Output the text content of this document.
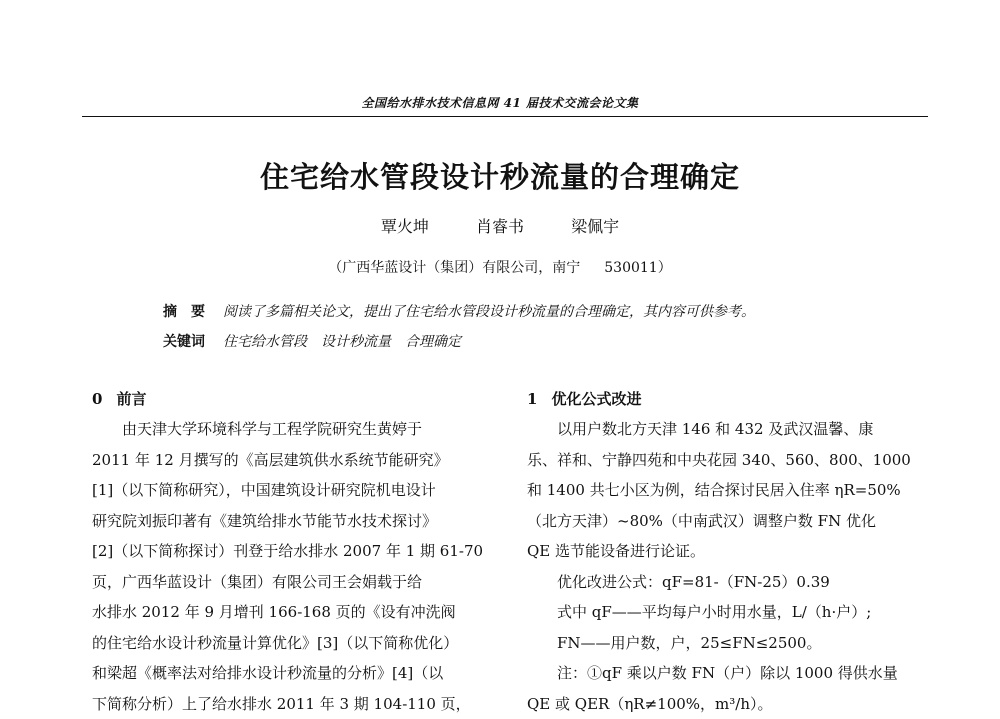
全国给水排水技术信息网 41 届技术交流会论文集
住宅给水管段设计秒流量的合理确定
覃火坤	肖睿书	梁佩宇
（广西华蓝设计（集团）有限公司，南宁 530011）
摘　要 阅读了多篇相关论文，提出了住宅给水管段设计秒流量的合理确定，其内容可供参考。
关键词 住宅给水管段　设计秒流量　合理确定
0 前言
由天津大学环境科学与工程学院研究生黄婷于
2011 年 12 月撰写的《高层建筑供水系统节能研究》
[1]（以下简称研究），中国建筑设计研究院机电设计
研究院刘振印著有《建筑给排水节能节水技术探讨》
[2]（以下简称探讨）刊登于给水排水 2007 年 1 期 61-70
页，广西华蓝设计（集团）有限公司王会娟载于给
水排水 2012 年 9 月增刊 166-168 页的《设有冲洗阀
的住宅给水设计秒流量计算优化》[3]（以下简称优化）
和梁超《概率法对给排水设计秒流量的分析》[4]（以
下简称分析）上了给水排水 2011 年 3 期 104-110 页，
1 优化公式改进
以用户数北方天津 146 和 432 及武汉温馨、康
乐、祥和、宁静四苑和中央花园 340、560、800、1000
和 1400 共七小区为例，结合探讨民居入住率 ηR=50%
（北方天津）~80%（中南武汉）调整户数 FN 优化
QE 选节能设备进行论证。
优化改进公式：qF=81-（FN-25）0.39
式中 qF——平均每户小时用水量，L/（h·户）;
FN——用户数，户，25≤FN≤2500。
注：①qF 乘以户数 FN（户）除以 1000 得供水量
QE 或 QER（ηR≠100%，m³/h）。
